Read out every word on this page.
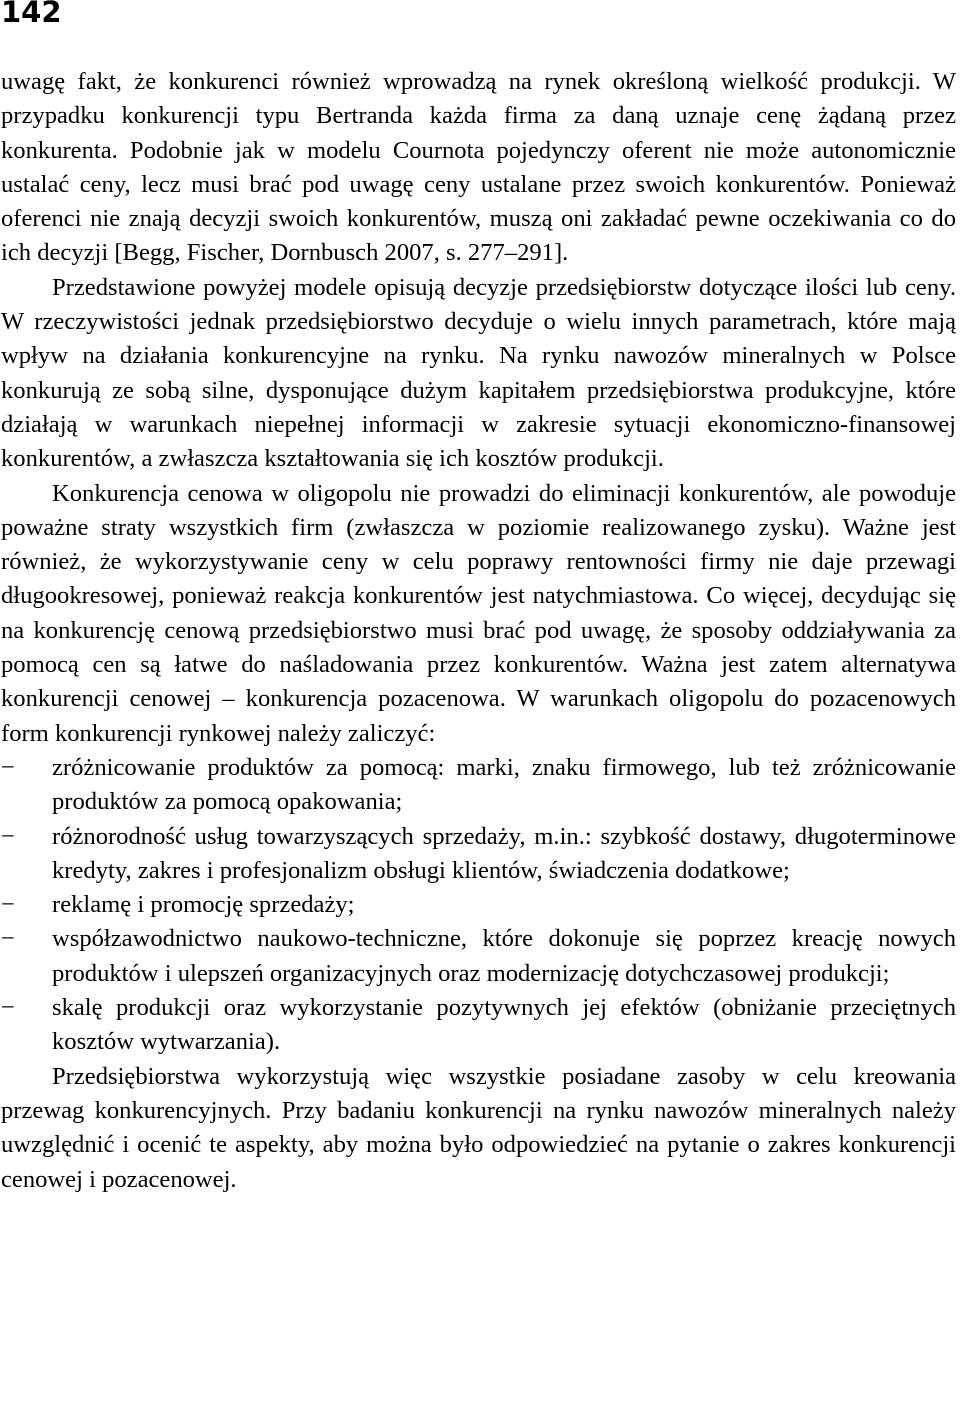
142

uwagę fakt, że konkurenci również wprowadzą na rynek określoną wielkość produkcji. W przypadku konkurencji typu Bertranda każda firma za daną uznaje cenę żądaną przez konkurenta. Podobnie jak w modelu Cournota pojedynczy oferent nie może autonomicznie ustalać ceny, lecz musi brać pod uwagę ceny ustalane przez swoich konkurentów. Ponieważ oferenci nie znają decyzji swoich konkurentów, muszą oni zakładać pewne oczekiwania co do ich decyzji [Begg, Fischer, Dornbusch 2007, s. 277–291].

Przedstawione powyżej modele opisują decyzje przedsiębiorstw dotyczące ilości lub ceny. W rzeczywistości jednak przedsiębiorstwo decyduje o wielu innych parametrach, które mają wpływ na działania konkurencyjne na rynku. Na rynku nawozów mineralnych w Polsce konkurują ze sobą silne, dysponujące dużym kapitałem przedsiębiorstwa produkcyjne, które działają w warunkach niepełnej informacji w zakresie sytuacji ekonomiczno-finansowej konkurentów, a zwłaszcza kształtowania się ich kosztów produkcji.

Konkurencja cenowa w oligopolu nie prowadzi do eliminacji konkurentów, ale powoduje poważne straty wszystkich firm (zwłaszcza w poziomie realizowanego zysku). Ważne jest również, że wykorzystywanie ceny w celu poprawy rentowności firmy nie daje przewagi długookresowej, ponieważ reakcja konkurentów jest natychmiastowa. Co więcej, decydując się na konkurencję cenową przedsiębiorstwo musi brać pod uwagę, że sposoby oddziaływania za pomocą cen są łatwe do naśladowania przez konkurentów. Ważna jest zatem alternatywa konkurencji cenowej – konkurencja pozacenowa. W warunkach oligopolu do pozacenowych form konkurencji rynkowej należy zaliczyć:

−	zróżnicowanie produktów za pomocą: marki, znaku firmowego, lub też zróżnicowanie produktów za pomocą opakowania;
−	różnorodność usług towarzyszących sprzedaży, m.in.: szybkość dostawy, długoterminowe kredyty, zakres i profesjonalizm obsługi klientów, świadczenia dodatkowe;
−	reklamę i promocję sprzedaży;
−	współzawodnictwo naukowo-techniczne, które dokonuje się poprzez kreację nowych produktów i ulepszeń organizacyjnych oraz modernizację dotychczasowej produkcji;
−	skalę produkcji oraz wykorzystanie pozytywnych jej efektów (obniżanie przeciętnych kosztów wytwarzania).

Przedsiębiorstwa wykorzystują więc wszystkie posiadane zasoby w celu kreowania przewag konkurencyjnych. Przy badaniu konkurencji na rynku nawozów mineralnych należy uwzględnić i ocenić te aspekty, aby można było odpowiedzieć na pytanie o zakres konkurencji cenowej i pozacenowej.
